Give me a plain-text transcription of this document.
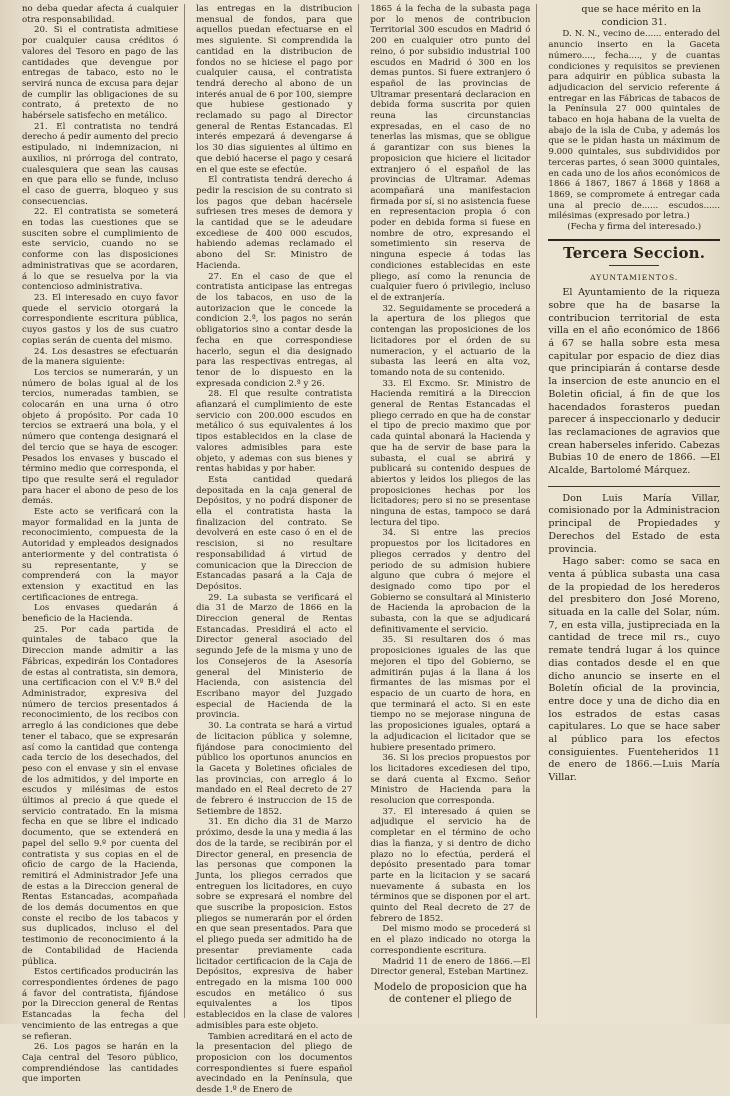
no deba quedar afecta á cualquier otra responsabilidad.

20. Si el contratista admitiese por cualquier causa créditos ó valores del Tesoro en pago de las cantidades que devengue por entregas de tabaco, esto no le servirá nunca de excusa para dejar de cumplir las obligaciones de su contrato, á pretexto de no habérsele satisfecho en metálico.

21. El contratista no tendrá derecho á pedir aumento del precio estipulado, ni indemnizacion, ni auxilios, ni prórroga del contrato, cualesquiera que sean las causas en que para ello se funde, incluso el caso de guerra, bloqueo y sus consecuencias.

22. El contratista se someterá en todas las cuestiones que se susciten sobre el cumplimiento de este servicio, cuando no se conforme con las disposiciones administrativas que se acordaren, á lo que se resuelva por la via contencioso administrativa.

23. El interesado en cuyo favor quede el servicio otorgará la correspondiente escritura pública, cuyos gastos y los de sus cuatro copias serán de cuenta del mismo.

24. Los desastres se efectuarán de la manera siguiente:

Los tercios se numerarán, y un número de bolas igual al de los tercios, numeradas tambien, se colocarán en una urna ó otro objeto á propósito. Por cada 10 tercios se extraerá una bola, y el número que contenga designará el del tercio que se haya de escoger. Pesados los envases y buscado el término medio que corresponda, el tipo que resulte será el regulador para hacer el abono de peso de los demás.

Este acto se verificará con la mayor formalidad en la junta de reconocimiento, compuesta de la Autoridad y empleados designados anteriormente y del contratista ó su representante, y se comprenderá con la mayor extension y exactitud en las certificaciones de entrega.

Los envases quedarán á beneficio de la Hacienda.

25. Por cada partida de quintales de tabaco que la Direccion mande admitir a las Fábricas, expedirán los Contadores de estas al contratista, sin demora, una certificacion con el V.º B.º del Administrador, expresiva del número de tercios presentados á reconocimiento, de los recibos con arreglo á las condiciones que debe tener el tabaco, que se expresarán así como la cantidad que contenga cada tercio de los desechados, del peso con el envase y sin el envase de los admitidos, y del importe en escudos y milésimas de estos últimos al precio á que quede el servicio contratado. En la misma fecha en que se libre el indicado documento, que se extenderá en papel del sello 9.º por cuenta del contratista y sus copias en el de oficio de cargo de la Hacienda, remitirá el Administrador Jefe una de estas a la Direccion general de Rentas Estancadas, acompañada de los demás documentos en que conste el recibo de los tabacos y sus duplicados, incluso el del testimonio de reconocimiento á la de Contabilidad de Hacienda pública.

Estos certificados producirán las correspondientes órdenes de pago á favor del contratista, fijándose por la Direccion general de Rentas Estancadas la fecha del vencimiento de las entregas a que se refieran.

26. Los pagos se harán en la Caja central del Tesoro público, comprendiéndose las cantidades que importen

las entregas en la distribucion mensual de fondos, para que aquellos puedan efectuarse en el mes siguiente. Si comprendida la cantidad en la distribucion de fondos no se hiciese el pago por cualquier causa, el contratista tendrá derecho al abono de un interés anual de 6 por 100, siempre que hubiese gestionado y reclamado su pago al Director general de Rentas Estancadas. El interés empezará á devengarse á los 30 dias siguientes al último en que debió hacerse el pago y cesará en el que este se efectúe.

El contratista tendrá derecho á pedir la rescision de su contrato si los pagos que deban hacérsele sufriesen tres meses de demora y la cantidad que se le adeudare excediese de 400 000 escudos, habiendo ademas reclamado el abono del Sr. Ministro de Hacienda.

27. En el caso de que el contratista anticipase las entregas de los tabacos, en uso de la autorizacion que le concede la condicion 2.ª, los pagos no serán obligatorios sino a contar desde la fecha en que correspondiese hacerlo, segun el dia designado para las respectivas entregas, al tenor de lo dispuesto en la expresada condicion 2.ª y 26.

28. El que resulte contratista afianzará el cumplimiento de este servicio con 200.000 escudos en metálico ó sus equivalentes á los tipos establecidos en la clase de valores admisibles para este objeto, y ademas con sus bienes y rentas habidas y por haber.

Esta cantidad quedará depositada en la caja general de Depósitos, y no podrá disponer de ella el contratista hasta la finalizacion del contrato. Se devolverá en este caso ó en el de rescision, si no resultare responsabilidad á virtud de comunicacion que la Direccion de Estancadas pasará a la Caja de Depósitos.

29. La subasta se verificará el dia 31 de Marzo de 1866 en la Direccion general de Rentas Estancadas. Presidirá el acto el Director general asociado del segundo Jefe de la misma y uno de los Consejeros de la Asesoría general del Ministerio de Hacienda, con asistencia del Escribano mayor del Juzgado especial de Hacienda de la provincia.

30. La contrata se hará a virtud de licitacion pública y solemne, fijándose para conocimiento del público los oportunos anuncios en la Gaceta y Boletines oficiales de las provincias, con arreglo á lo mandado en el Real decreto de 27 de febrero é instruccion de 15 de Setiembre de 1852.

31. En dicho dia 31 de Marzo próximo, desde la una y media á las dos de la tarde, se recibirán por el Director general, en presencia de las personas que componen la Junta, los pliegos cerrados que entreguen los licitadores, en cuyo sobre se expresará el nombre del que suscribe la proposicion. Estos pliegos se numerarán por el órden en que sean presentados. Para que el pliego pueda ser admitido ha de presentar previamente cada licitador certificacion de la Caja de Depósitos, expresiva de haber entregado en la misma 100 000 escudos en metálico ó sus equivalentes a los tipos establecidos en la clase de valores admisibles para este objeto.

Tambien acreditará en el acto de la presentacion del pliego de proposicion con los documentos correspondientes si fuere español avecindado en la Península, que desde 1.º de Enero de

1865 á la fecha de la subasta paga por lo menos de contribucion Territorial 300 escudos en Madrid ó 200 en cualquier otro punto del reino, ó por subsidio industrial 100 escudos en Madrid ó 300 en los demas puntos. Si fuere extranjero ó español de las provincias de Ultramar presentará declaracion en debida forma suscrita por quien reuna las circunstancias expresadas, en el caso de no tenerlas las mismas, que se obligue á garantizar con sus bienes la proposicion que hiciere el licitador extranjero ó el español de las provincias de Ultramar. Ademas acompañará una manifestacion firmada por sí, si no asistencia fuese en representacion propia ó con poder en debida forma si fuese en nombre de otro, expresando el sometimiento sin reserva de ninguna especie á todas las condiciones establecidas en este pliego, así como la renuncia de cualquier fuero ó privilegio, incluso el de extranjería.

32. Seguidamente se procederá a la apertura de los pliegos que contengan las proposiciones de los licitadores por el órden de su numeracion, y el actuario de la subasta las leerá en alta voz, tomando nota de su contenido.

33. El Excmo. Sr. Ministro de Hacienda remitirá a la Direccion general de Rentas Estancadas el pliego cerrado en que ha de constar el tipo de precio maximo que por cada quintal abonará la Hacienda y que ha de servir de base para la subasta, el cual se abrirá y publicará su contenido despues de abiertos y leidos los pliegos de las proposiciones hechas por los licitadores; pero si no se presentase ninguna de estas, tampoco se dará lectura del tipo.

34. Si entre las precios propuestos por los licitadores en pliegos cerrados y dentro del periodo de su admision hubiere alguno que cubra ó mejore el designado como tipo por el Gobierno se consultará al Ministerio de Hacienda la aprobacion de la subasta, con la que se adjudicará definitivamente el servicio.

35. Si resultaren dos ó mas proposiciones iguales de las que mejoren el tipo del Gobierno, se admitirán pujas á la llana á los firmantes de las mismas por el espacio de un cuarto de hora, en que terminará el acto. Si en este tiempo no se mejorase ninguna de las proposiciones iguales, optará a la adjudicacion el licitador que se hubiere presentado primero.

36. Si los precios propuestos por los licitadores excediesen del tipo, se dará cuenta al Excmo. Señor Ministro de Hacienda para la resolucion que corresponda.

37. El interesado á quien se adjudique el servicio ha de completar en el término de ocho dias la fianza, y si dentro de dicho plazo no lo efectúa, perderá el depósito presentado para tomar parte en la licitacion y se sacará nuevamente á subasta en los términos que se disponen por el art. quinto del Real decreto de 27 de febrero de 1852.

Del mismo modo se procederá si en el plazo indicado no otorga la correspondiente escritura.

Madrid 11 de enero de 1866.—El Director general, Esteban Martinez.

Modelo de proposicion que ha de contener el pliego de

que se hace mérito en la condicion 31.

D. N. N., vecino de...... enterado del anuncio inserto en la Gaceta número...., fecha...., y de cuantas condiciones y requisitos se previenen para adquirir en pública subasta la adjudicacion del servicio referente á entregar en las Fábricas de tabacos de la Península 27 000 quintales de tabaco en hoja habana de la vuelta de abajo de la isla de Cuba, y además los que se le pidan hasta un máximum de 9.000 quintales, sus subdivididos por terceras partes, ó sean 3000 quintales, en cada uno de los años económicos de 1866 á 1867, 1867 á 1868 y 1868 a 1869, se compromete á entregar cada una al precio de...... escudos...... milésimas (expresado por letra.)

(Fecha y firma del interesado.)

Tercera Seccion.
AYUNTAMIENTOS.

El Ayuntamiento de la riqueza sobre que ha de basarse la contribucion territorial de esta villa en el año económico de 1866 á 67 se halla sobre esta mesa capitular por espacio de diez dias que principiarán á contarse desde la insercion de este anuncio en el Boletin oficial, á fin de que los hacendados forasteros puedan parecer á inspeccionarlo y deducir las reclamaciones de agravios que crean haberseles inferido. Cabezas Bubias 10 de enero de 1866. —El Alcalde, Bartolomé Márquez.

Don Luis María Villar, comisionado por la Administracion principal de Propiedades y Derechos del Estado de esta provincia.

Hago saber: como se saca en venta á pública subasta una casa de la propiedad de los herederos del presbitero don José Moreno, situada en la calle del Solar, núm. 7, en esta villa, justipreciada en la cantidad de trece mil rs., cuyo remate tendrá lugar á los quince dias contados desde el en que dicho anuncio se inserte en el Boletín oficial de la provincia, entre doce y una de dicho dia en los estrados de estas casas capitulares. Lo que se hace saber al público para los efectos consiguientes. Fuenteheridos 11 de enero de 1866.—Luis María Villar.
